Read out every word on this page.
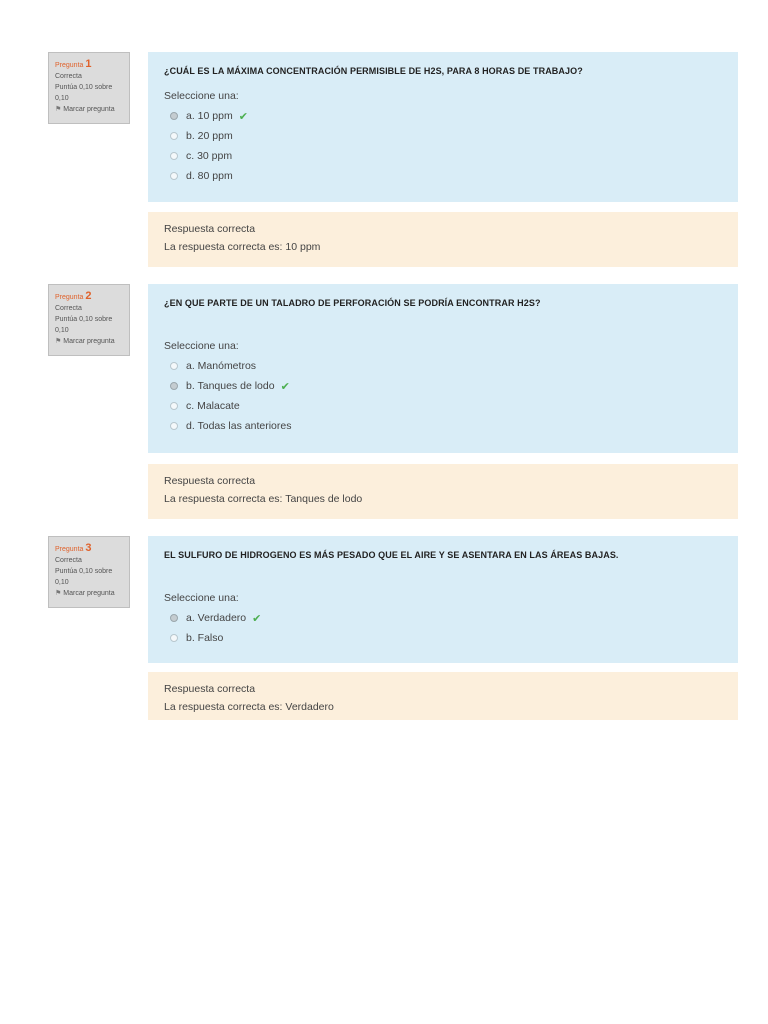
Pregunta 1
Correcta
Puntúa 0,10 sobre 0,10
⚑ Marcar pregunta
¿CUÁL ES LA MÁXIMA CONCENTRACIÓN PERMISIBLE DE H2S, PARA 8 HORAS DE TRABAJO?
Seleccione una:
a. 10 ppm ✔
b. 20 ppm
c. 30 ppm
d. 80 ppm
Respuesta correcta
La respuesta correcta es: 10 ppm
Pregunta 2
Correcta
Puntúa 0,10 sobre 0,10
⚑ Marcar pregunta
¿EN QUE PARTE DE UN TALADRO DE PERFORACIÓN SE PODRÍA ENCONTRAR H2S?
Seleccione una:
a. Manómetros
b. Tanques de lodo ✔
c. Malacate
d. Todas las anteriores
Respuesta correcta
La respuesta correcta es: Tanques de lodo
Pregunta 3
Correcta
Puntúa 0,10 sobre 0,10
⚑ Marcar pregunta
EL SULFURO DE HIDROGENO ES MÁS PESADO QUE EL AIRE Y SE ASENTARA EN LAS ÁREAS BAJAS.
Seleccione una:
a. Verdadero ✔
b. Falso
Respuesta correcta
La respuesta correcta es: Verdadero
